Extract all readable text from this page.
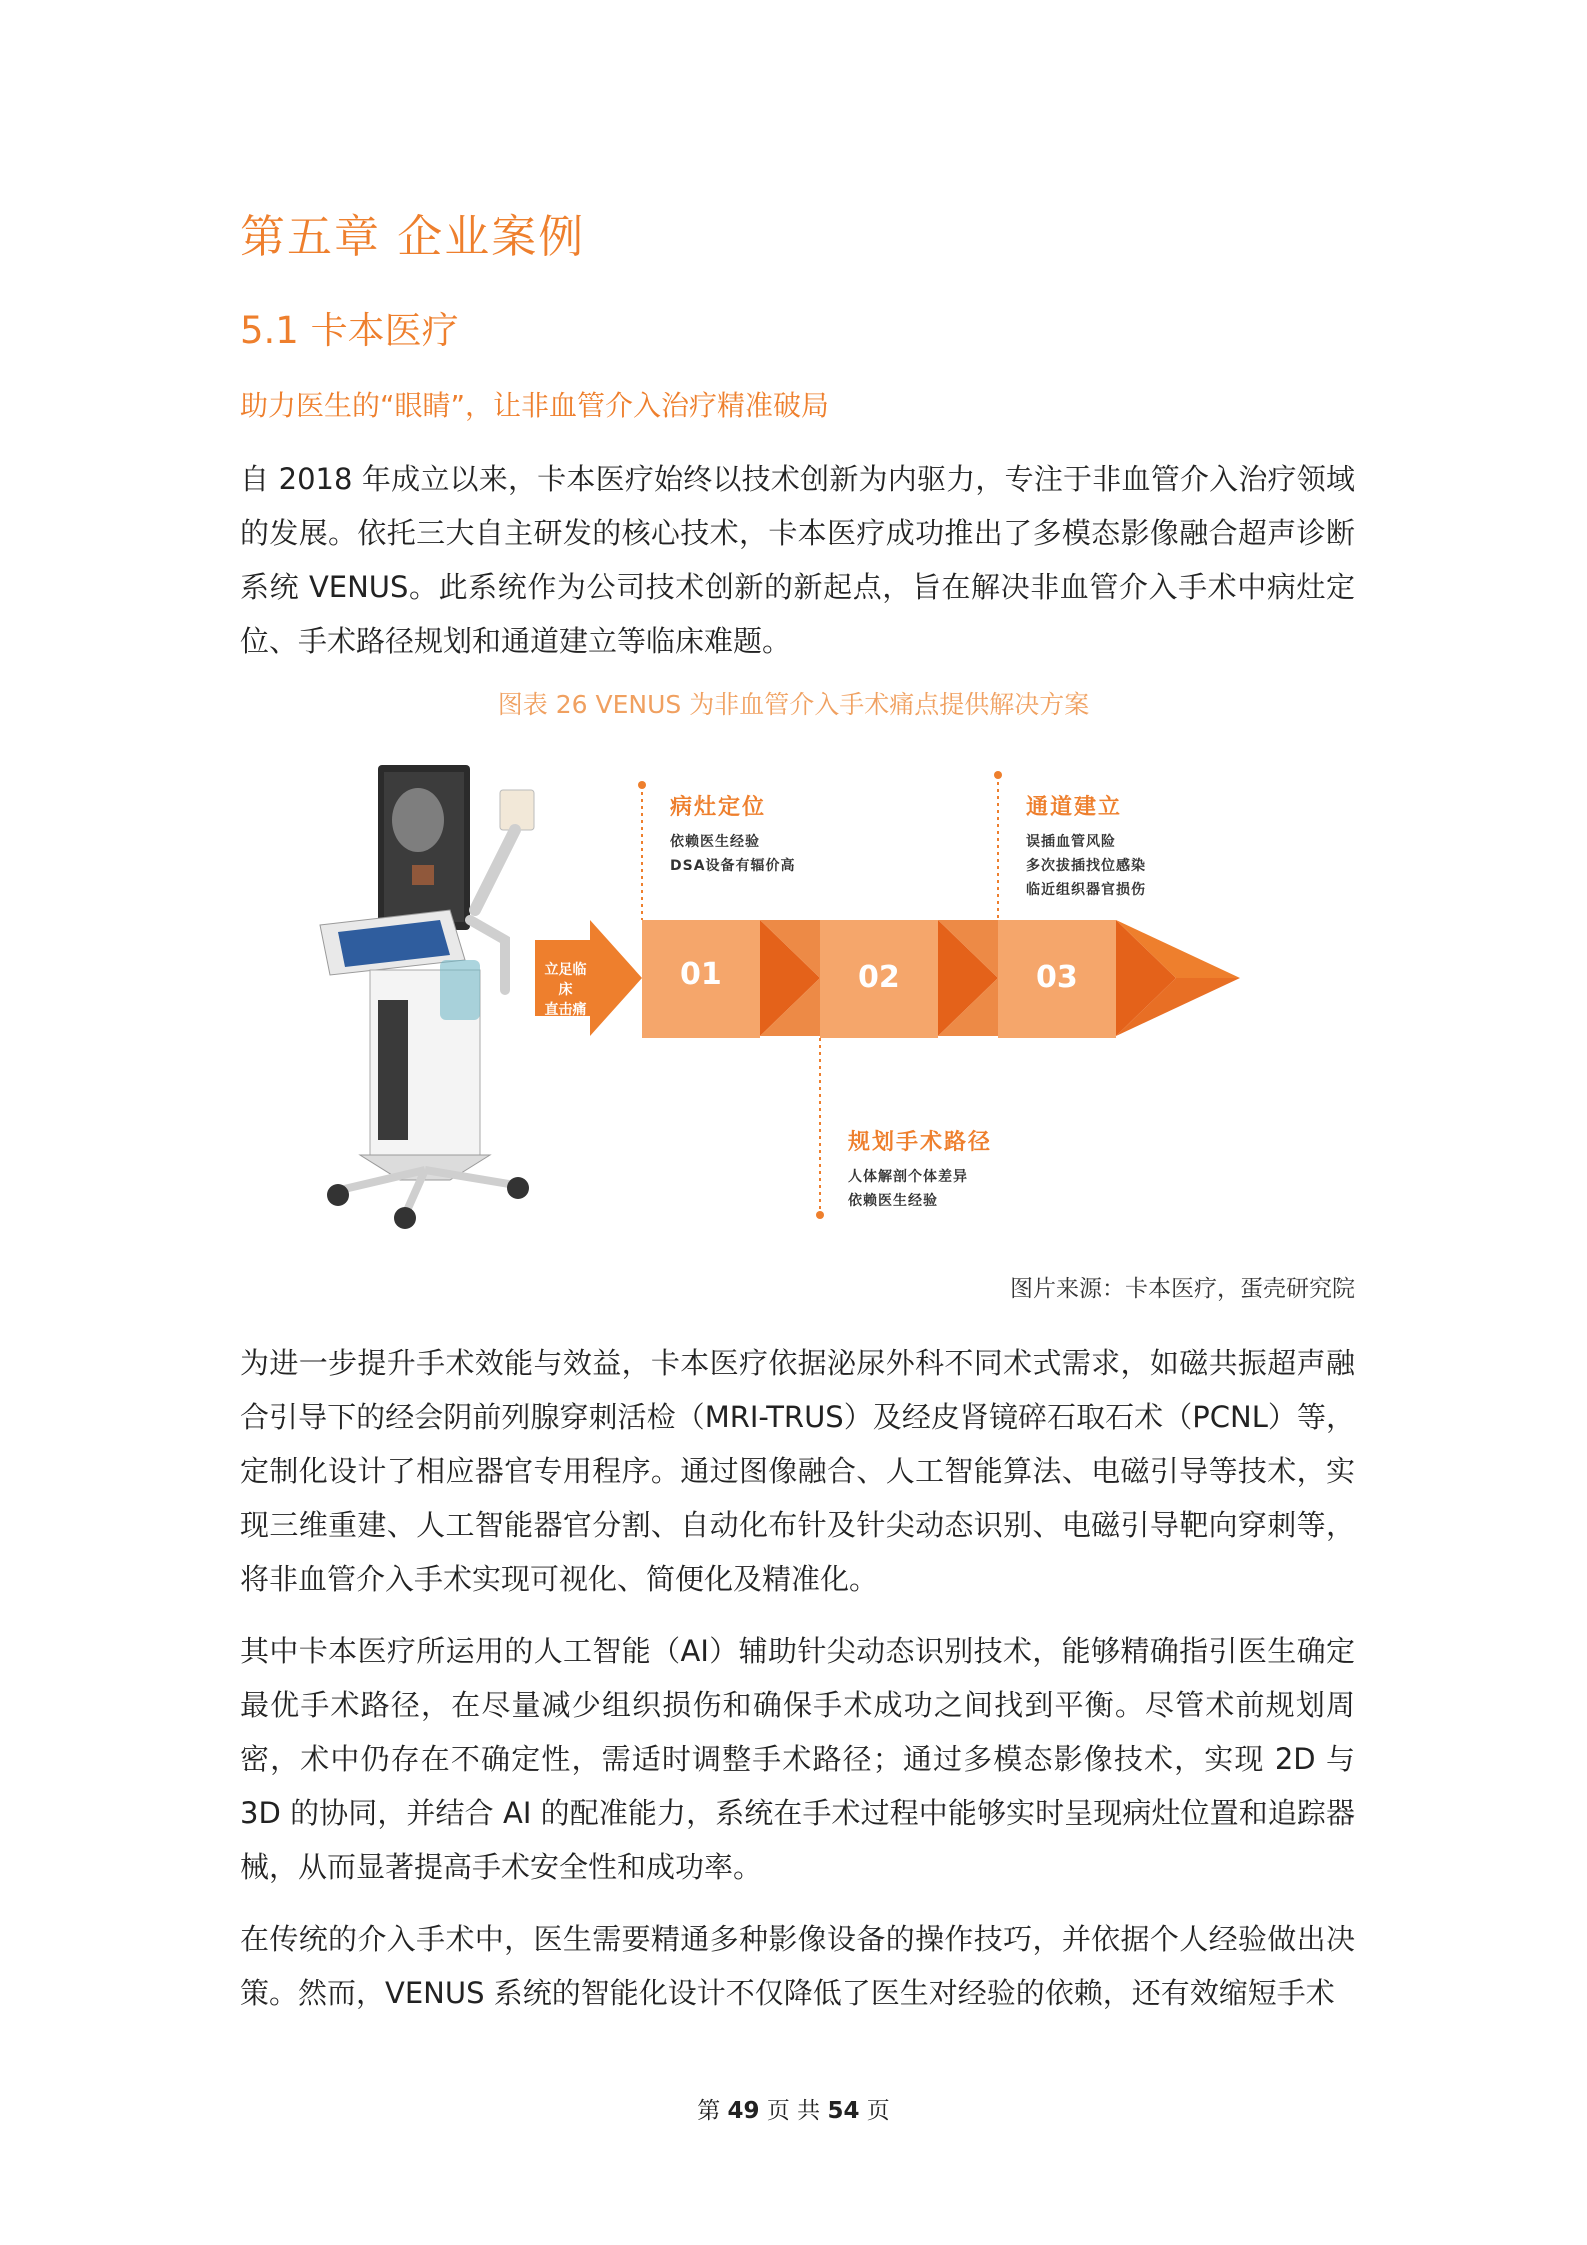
第五章 企业案例
5.1 卡本医疗
助力医生的“眼睛”，让非血管介入治疗精准破局

自 2018 年成立以来，卡本医疗始终以技术创新为内驱力，专注于非血管介入治疗领域的发展。依托三大自主研发的核心技术，卡本医疗成功推出了多模态影像融合超声诊断系统 VENUS。此系统作为公司技术创新的新起点，旨在解决非血管介入手术中病灶定位、手术路径规划和通道建立等临床难题。

图表 26 VENUS 为非血管介入手术痛点提供解决方案
立足临床
直击痛点
01	02	03
病灶定位
依赖医生经验
DSA设备有辐价高
通道建立
误插血管风险
多次拔插找位感染
临近组织器官损伤
规划手术路径
人体解剖个体差异
依赖医生经验
图片来源：卡本医疗，蛋壳研究院

为进一步提升手术效能与效益，卡本医疗依据泌尿外科不同术式需求，如磁共振超声融合引导下的经会阴前列腺穿刺活检（MRI-TRUS）及经皮肾镜碎石取石术（PCNL）等，定制化设计了相应器官专用程序。通过图像融合、人工智能算法、电磁引导等技术，实现三维重建、人工智能器官分割、自动化布针及针尖动态识别、电磁引导靶向穿刺等，将非血管介入手术实现可视化、简便化及精准化。

其中卡本医疗所运用的人工智能（AI）辅助针尖动态识别技术，能够精确指引医生确定最优手术路径，在尽量减少组织损伤和确保手术成功之间找到平衡。尽管术前规划周密，术中仍存在不确定性，需适时调整手术路径；通过多模态影像技术，实现 2D 与 3D 的协同，并结合 AI 的配准能力，系统在手术过程中能够实时呈现病灶位置和追踪器械，从而显著提高手术安全性和成功率。

在传统的介入手术中，医生需要精通多种影像设备的操作技巧，并依据个人经验做出决策。然而，VENUS 系统的智能化设计不仅降低了医生对经验的依赖，还有效缩短手术

第 49 页 共 54 页
